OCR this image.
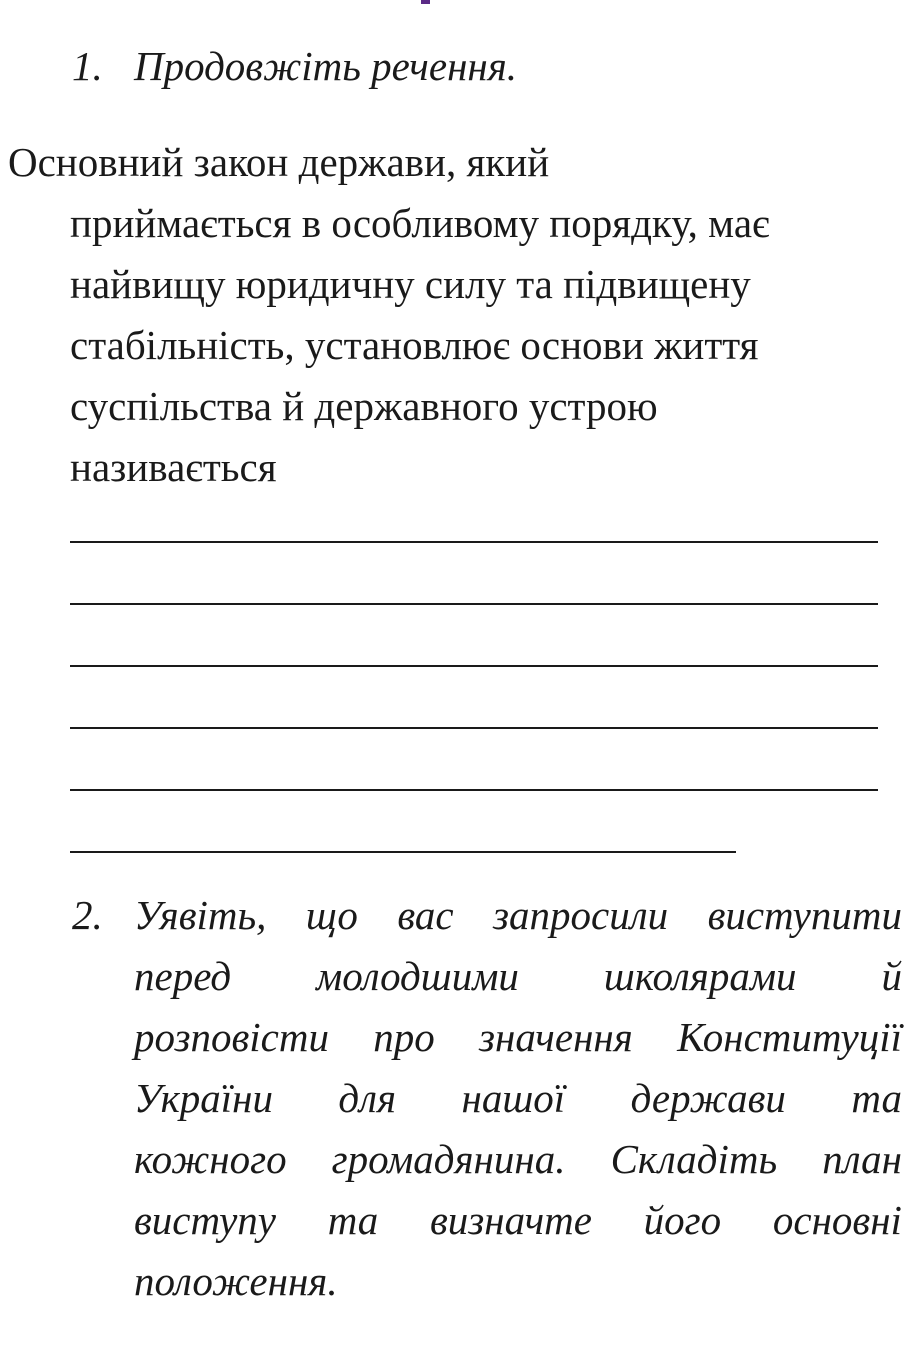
1. Продовжіть речення.
Основний закон держави, який
приймається в особливому порядку, має
найвищу юридичну силу та підвищену
стабільність, установлює основи життя
суспільства й державного устрою
називається
2. Уявіть, що вас запросили виступити
перед молодшими школярами й
розповісти про значення Конституції
України для нашої держави та
кожного громадянина. Складіть план
виступу та визначте його основні
положення.
